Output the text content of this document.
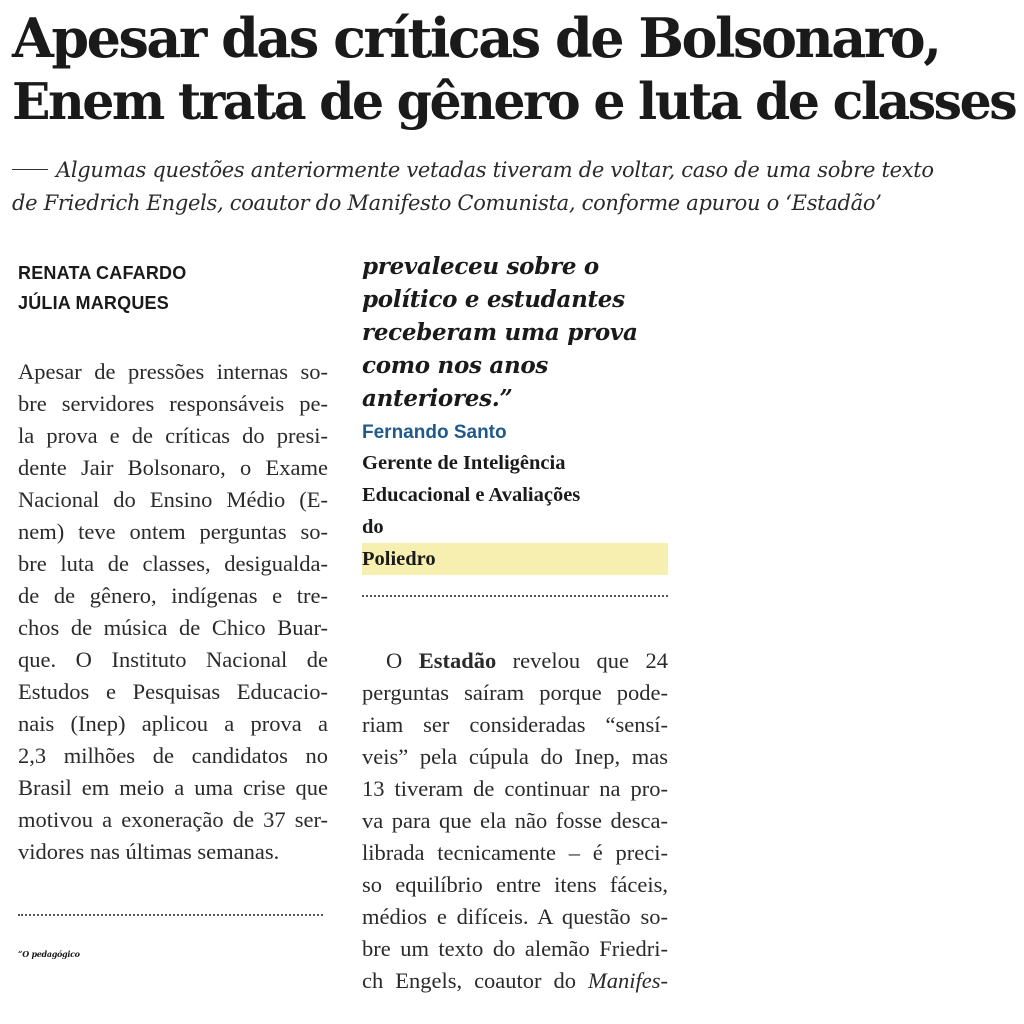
Apesar das críticas de Bolsonaro,
Enem trata de gênero e luta de classes

Algumas questões anteriormente vetadas tiveram de voltar, caso de uma sobre texto
de Friedrich Engels, coautor do Manifesto Comunista, conforme apurou o ‘Estadão’

RENATA CAFARDO
JÚLIA MARQUES
Apesar de pressões internas so-
bre servidores responsáveis pe-
la prova e de críticas do presi-
dente Jair Bolsonaro, o Exame
Nacional do Ensino Médio (E-
nem) teve ontem perguntas so-
bre luta de classes, desigualda-
de de gênero, indígenas e tre-
chos de música de Chico Buar-
que. O Instituto Nacional de
Estudos e Pesquisas Educacio-
nais (Inep) aplicou a prova a
2,3 milhões de candidatos no
Brasil em meio a uma crise que
motivou a exoneração de 37 ser-
vidores nas últimas semanas.
“O pedagógico
prevaleceu sobre o
político e estudantes
receberam uma prova
como nos anos
anteriores.”
Fernando Santo
Gerente de Inteligência
Educacional e Avaliações
do
Poliedro
O Estadão revelou que 24
perguntas saíram porque pode-
riam ser consideradas “sensí-
veis” pela cúpula do Inep, mas
13 tiveram de continuar na pro-
va para que ela não fosse desca-
librada tecnicamente – é preci-
so equilíbrio entre itens fáceis,
médios e difíceis. A questão so-
bre um texto do alemão Friedri-
ch Engels, coautor do Manifes-
